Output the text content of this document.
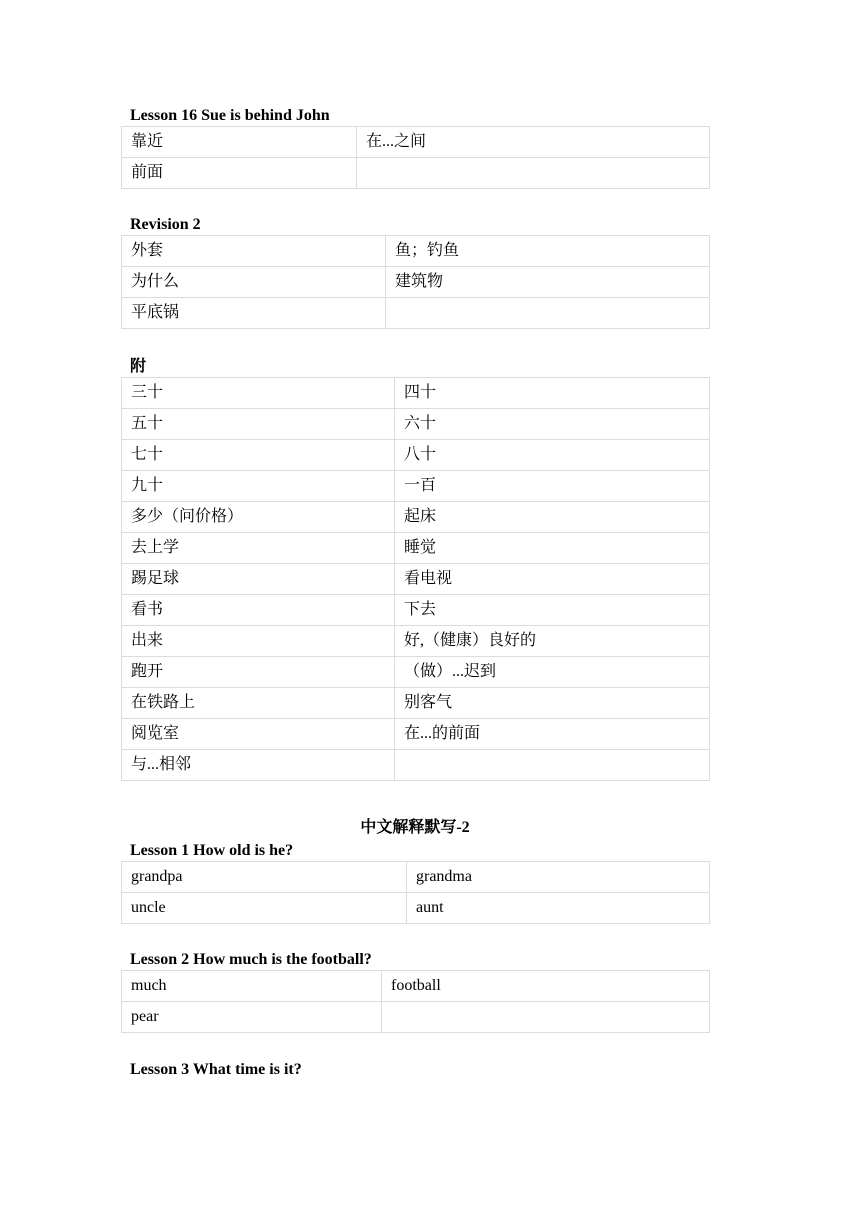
Lesson 16 Sue is behind John
靠近	在...之间
前面	
Revision 2
外套	鱼；钓鱼
为什么	建筑物
平底锅	
附
三十	四十
五十	六十
七十	八十
九十	一百
多少（问价格）	起床
去上学	睡觉
踢足球	看电视
看书	下去
出来	好,（健康）良好的
跑开	（做）...迟到
在铁路上	别客气
阅览室	在...的前面
与...相邻	
中文解释默写-2
Lesson 1 How old is he?
grandpa	grandma
uncle	aunt
Lesson 2 How much is the football?
much	football
pear	
Lesson 3 What time is it?
